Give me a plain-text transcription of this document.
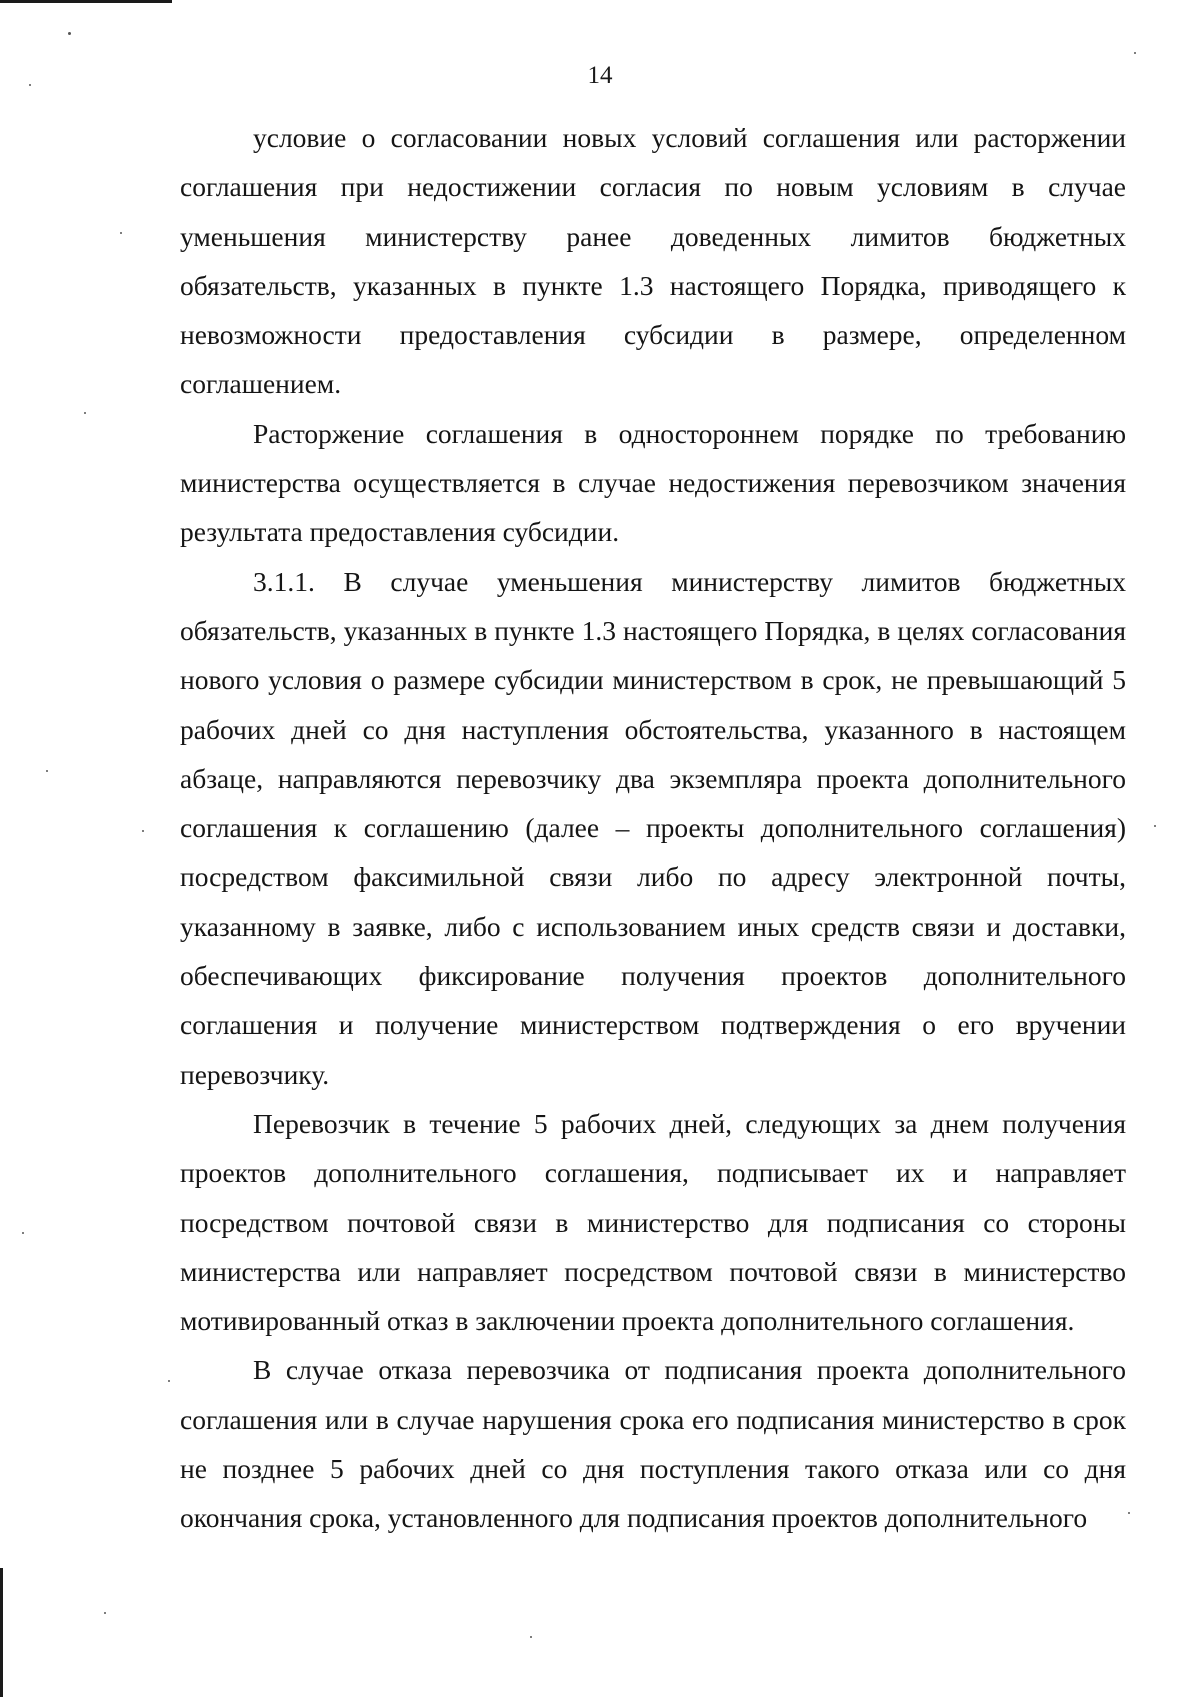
14

условие о согласовании новых условий соглашения или расторжении соглашения при недостижении согласия по новым условиям в случае уменьшения министерству ранее доведенных лимитов бюджетных обязательств, указанных в пункте 1.3 настоящего Порядка, приводящего к невозможности предоставления субсидии в размере, определенном соглашением.

Расторжение соглашения в одностороннем порядке по требованию министерства осуществляется в случае недостижения перевозчиком значения результата предоставления субсидии.

3.1.1. В случае уменьшения министерству лимитов бюджетных обязательств, указанных в пункте 1.3 настоящего Порядка, в целях согласования нового условия о размере субсидии министерством в срок, не превышающий 5 рабочих дней со дня наступления обстоятельства, указанного в настоящем абзаце, направляются перевозчику два экземпляра проекта дополнительного соглашения к соглашению (далее – проекты дополнительного соглашения) посредством факсимильной связи либо по адресу электронной почты, указанному в заявке, либо с использованием иных средств связи и доставки, обеспечивающих фиксирование получения проектов дополнительного соглашения и получение министерством подтверждения о его вручении перевозчику.

Перевозчик в течение 5 рабочих дней, следующих за днем получения проектов дополнительного соглашения, подписывает их и направляет посредством почтовой связи в министерство для подписания со стороны министерства или направляет посредством почтовой связи в министерство мотивированный отказ в заключении проекта дополнительного соглашения.

В случае отказа перевозчика от подписания проекта дополнительного соглашения или в случае нарушения срока его подписания министерство в срок не позднее 5 рабочих дней со дня поступления такого отказа или со дня окончания срока, установленного для подписания проектов дополнительного
